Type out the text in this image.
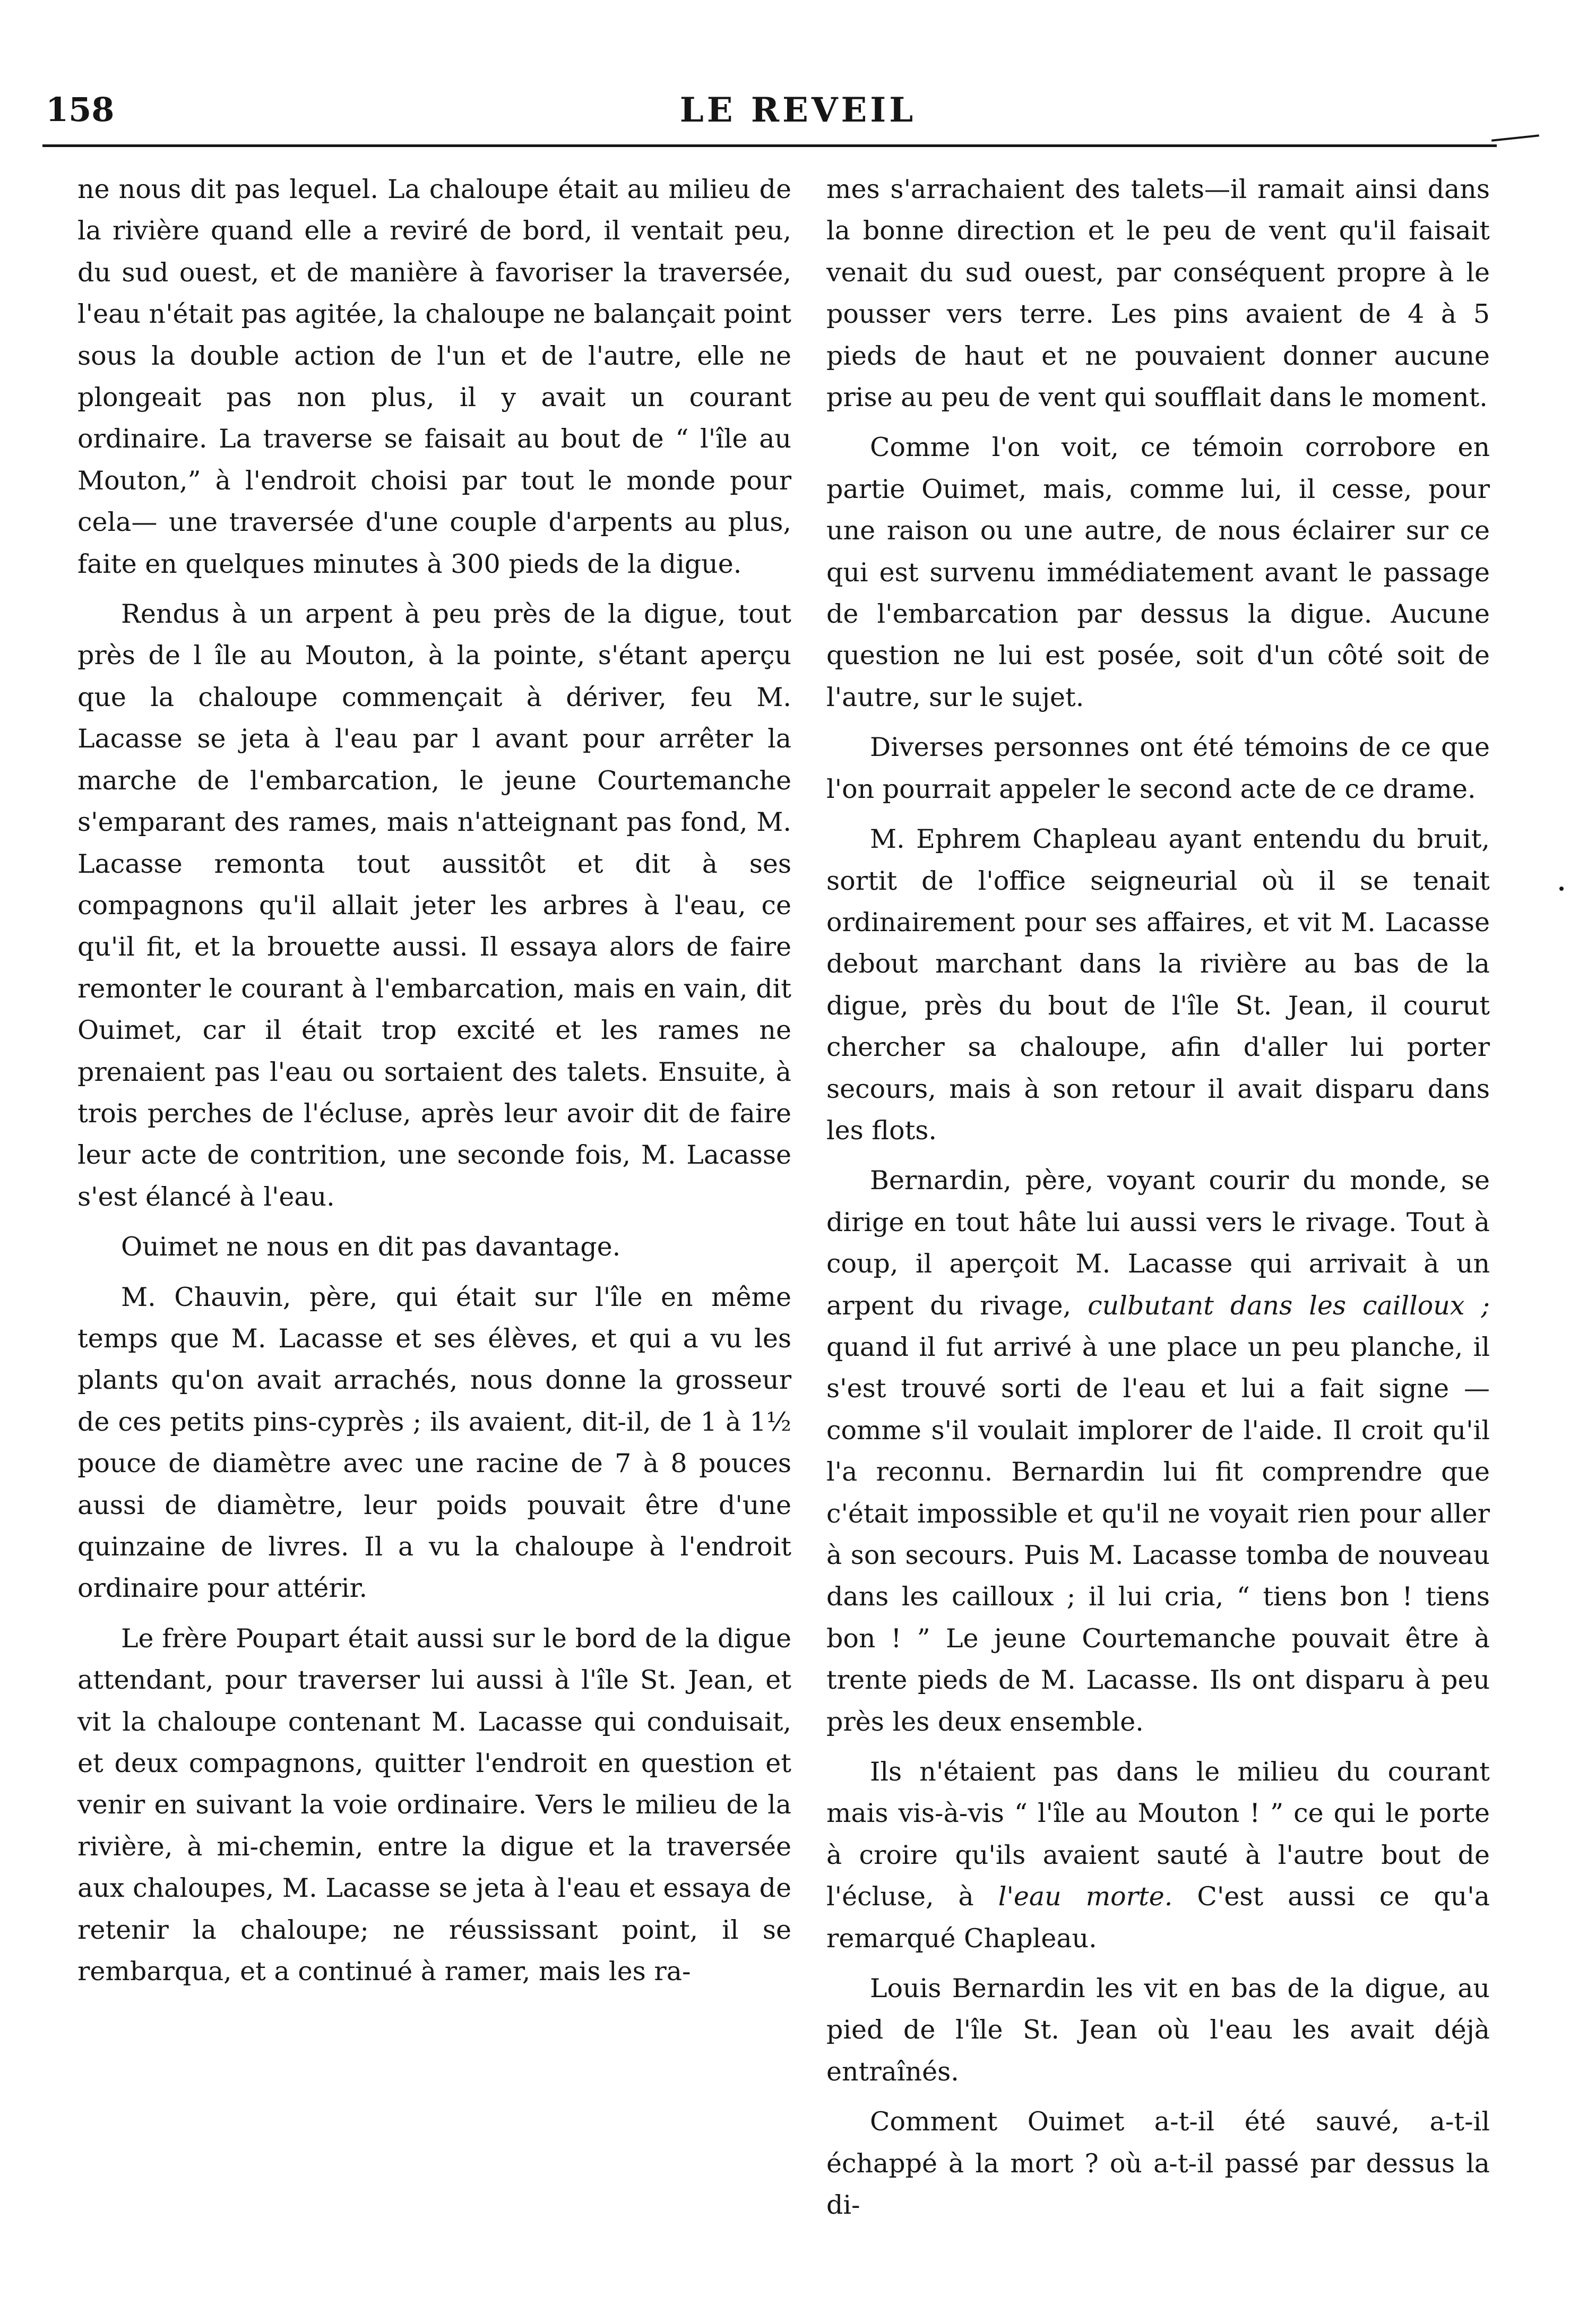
158	LE REVEIL

ne nous dit pas lequel. La chaloupe était au milieu de la rivière quand elle a reviré de bord, il ventait peu, du sud ouest, et de manière à favoriser la traversée, l'eau n'était pas agitée, la chaloupe ne balançait point sous la double action de l'un et de l'autre, elle ne plongeait pas non plus, il y avait un courant ordinaire. La traverse se faisait au bout de “ l'île au Mouton,” à l'endroit choisi par tout le monde pour cela— une traversée d'une couple d'arpents au plus, faite en quelques minutes à 300 pieds de la digue.

Rendus à un arpent à peu près de la digue, tout près de l île au Mouton, à la pointe, s'étant aperçu que la chaloupe commençait à dériver, feu M. Lacasse se jeta à l'eau par l avant pour arrêter la marche de l'embarcation, le jeune Courtemanche s'emparant des rames, mais n'atteignant pas fond, M. Lacasse remonta tout aussitôt et dit à ses compagnons qu'il allait jeter les arbres à l'eau, ce qu'il fit, et la brouette aussi. Il essaya alors de faire remonter le courant à l'embarcation, mais en vain, dit Ouimet, car il était trop excité et les rames ne prenaient pas l'eau ou sortaient des talets. Ensuite, à trois perches de l'écluse, après leur avoir dit de faire leur acte de contrition, une seconde fois, M. Lacasse s'est élancé à l'eau.

Ouimet ne nous en dit pas davantage.

M. Chauvin, père, qui était sur l'île en même temps que M. Lacasse et ses élèves, et qui a vu les plants qu'on avait arrachés, nous donne la grosseur de ces petits pins-cyprès ; ils avaient, dit-il, de 1 à 1½ pouce de diamètre avec une racine de 7 à 8 pouces aussi de diamètre, leur poids pouvait être d'une quinzaine de livres. Il a vu la chaloupe à l'endroit ordinaire pour attérir.

Le frère Poupart était aussi sur le bord de la digue attendant, pour traverser lui aussi à l'île St. Jean, et vit la chaloupe contenant M. Lacasse qui conduisait, et deux compagnons, quitter l'endroit en question et venir en suivant la voie ordinaire. Vers le milieu de la rivière, à mi-chemin, entre la digue et la traversée aux chaloupes, M. Lacasse se jeta à l'eau et essaya de retenir la chaloupe; ne réussissant point, il se rembarqua, et a continué à ramer, mais les ra-

mes s'arrachaient des talets—il ramait ainsi dans la bonne direction et le peu de vent qu'il faisait venait du sud ouest, par conséquent propre à le pousser vers terre. Les pins avaient de 4 à 5 pieds de haut et ne pouvaient donner aucune prise au peu de vent qui soufflait dans le moment.

Comme l'on voit, ce témoin corrobore en partie Ouimet, mais, comme lui, il cesse, pour une raison ou une autre, de nous éclairer sur ce qui est survenu immédiatement avant le passage de l'embarcation par dessus la digue. Aucune question ne lui est posée, soit d'un côté soit de l'autre, sur le sujet.

Diverses personnes ont été témoins de ce que l'on pourrait appeler le second acte de ce drame.

M. Ephrem Chapleau ayant entendu du bruit, sortit de l'office seigneurial où il se tenait ordinairement pour ses affaires, et vit M. Lacasse debout marchant dans la rivière au bas de la digue, près du bout de l'île St. Jean, il courut chercher sa chaloupe, afin d'aller lui porter secours, mais à son retour il avait disparu dans les flots.

Bernardin, père, voyant courir du monde, se dirige en tout hâte lui aussi vers le rivage. Tout à coup, il aperçoit M. Lacasse qui arrivait à un arpent du rivage, culbutant dans les cailloux ; quand il fut arrivé à une place un peu planche, il s'est trouvé sorti de l'eau et lui a fait signe —comme s'il voulait implorer de l'aide. Il croit qu'il l'a reconnu. Bernardin lui fit comprendre que c'était impossible et qu'il ne voyait rien pour aller à son secours. Puis M. Lacasse tomba de nouveau dans les cailloux ; il lui cria, “ tiens bon ! tiens bon ! ” Le jeune Courtemanche pouvait être à trente pieds de M. Lacasse. Ils ont disparu à peu près les deux ensemble.

Ils n'étaient pas dans le milieu du courant mais vis-à-vis “ l'île au Mouton ! ” ce qui le porte à croire qu'ils avaient sauté à l'autre bout de l'écluse, à l'eau morte. C'est aussi ce qu'a remarqué Chapleau.

Louis Bernardin les vit en bas de la digue, au pied de l'île St. Jean où l'eau les avait déjà entraînés.

Comment Ouimet a-t-il été sauvé, a-t-il échappé à la mort ? où a-t-il passé par dessus la di-
